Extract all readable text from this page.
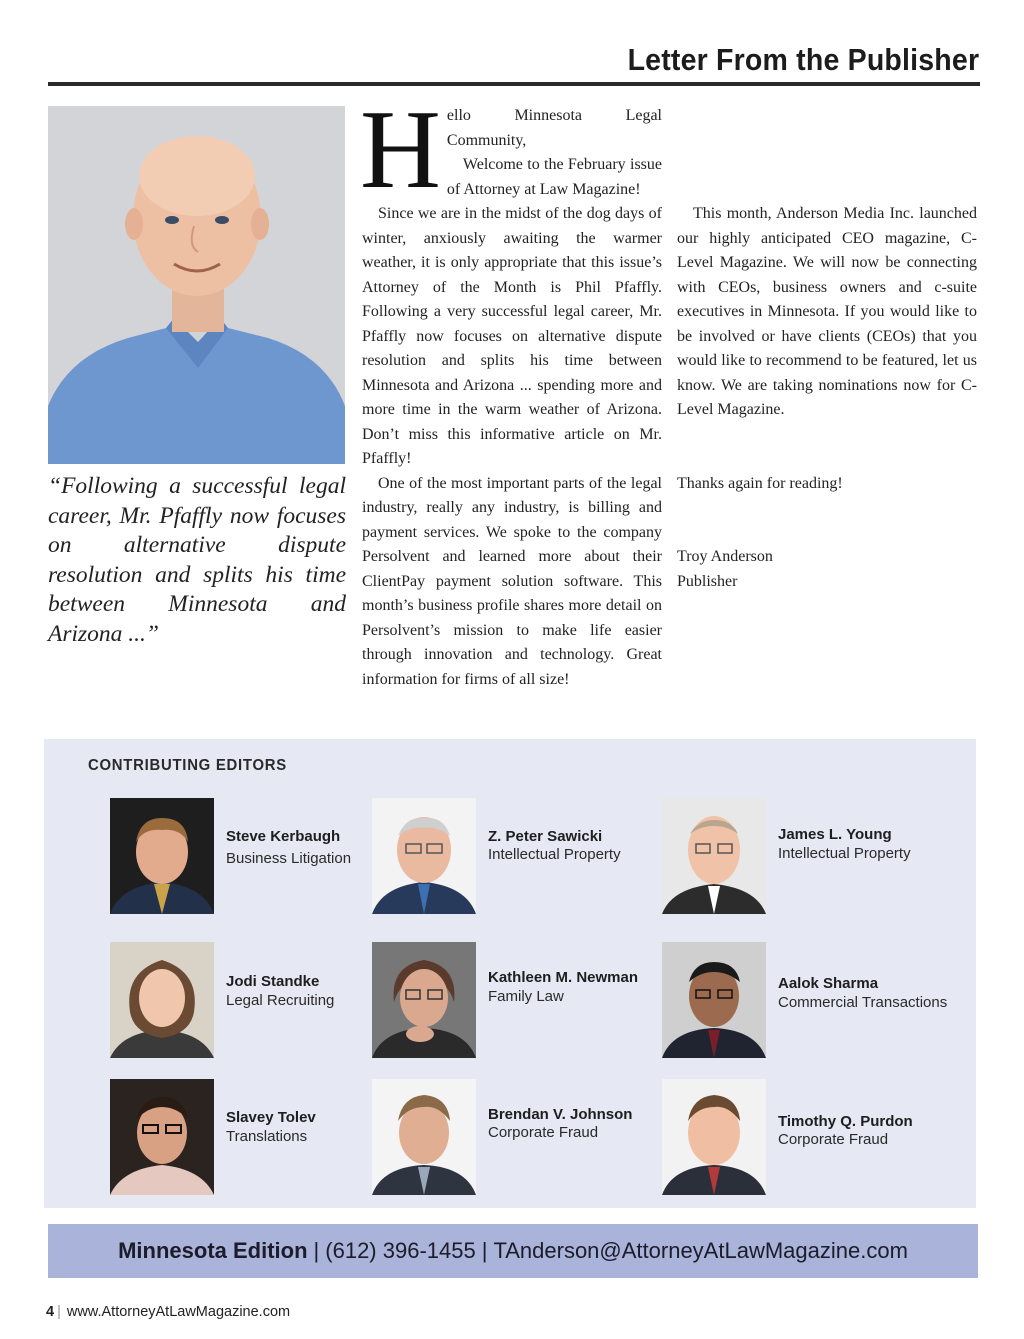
Letter From the Publisher
“Following a successful legal career, Mr. Pfaffly now focuses on alternative dispute resolution and splits his time between Minnesota and Arizona ...”
H ello Minnesota Legal Community,

Welcome to the February issue of Attorney at Law Magazine!

Since we are in the midst of the dog days of winter, anxiously awaiting the warmer weather, it is only appropriate that this issue’s Attorney of the Month is Phil Pfaffly. Following a very successful legal career, Mr. Pfaffly now focuses on alternative dispute resolution and splits his time between Minnesota and Arizona ... spending more and more time in the warm weather of Arizona. Don’t miss this informative article on Mr. Pfaffly!

One of the most important parts of the legal industry, really any industry, is billing and payment services. We spoke to the company Persolvent and learned more about their ClientPay payment solution software. This month’s business profile shares more detail on Persolvent’s mission to make life easier through innovation and technology. Great information for firms of all size!

This month, Anderson Media Inc. launched our highly anticipated CEO magazine, C-Level Magazine. We will now be connecting with CEOs, business owners and c-suite executives in Minnesota. If you would like to be involved or have clients (CEOs) that you would like to recommend to be featured, let us know. We are taking nominations now for C-Level Magazine.

Thanks again for reading!

Troy Anderson

Publisher

CONTRIBUTING EDITORS
Steve Kerbaugh
Business Litigation
Z. Peter Sawicki
Intellectual Property
James L. Young
Intellectual Property
Jodi Standke
Legal Recruiting
Kathleen M. Newman
Family Law
Aalok Sharma
Commercial Transactions
Slavey Tolev
Translations
Brendan V. Johnson
Corporate Fraud
Timothy Q. Purdon
Corporate Fraud
Minnesota Edition | (612) 396-1455 | TAnderson@AttorneyAtLawMagazine.com
4 | www.AttorneyAtLawMagazine.com
